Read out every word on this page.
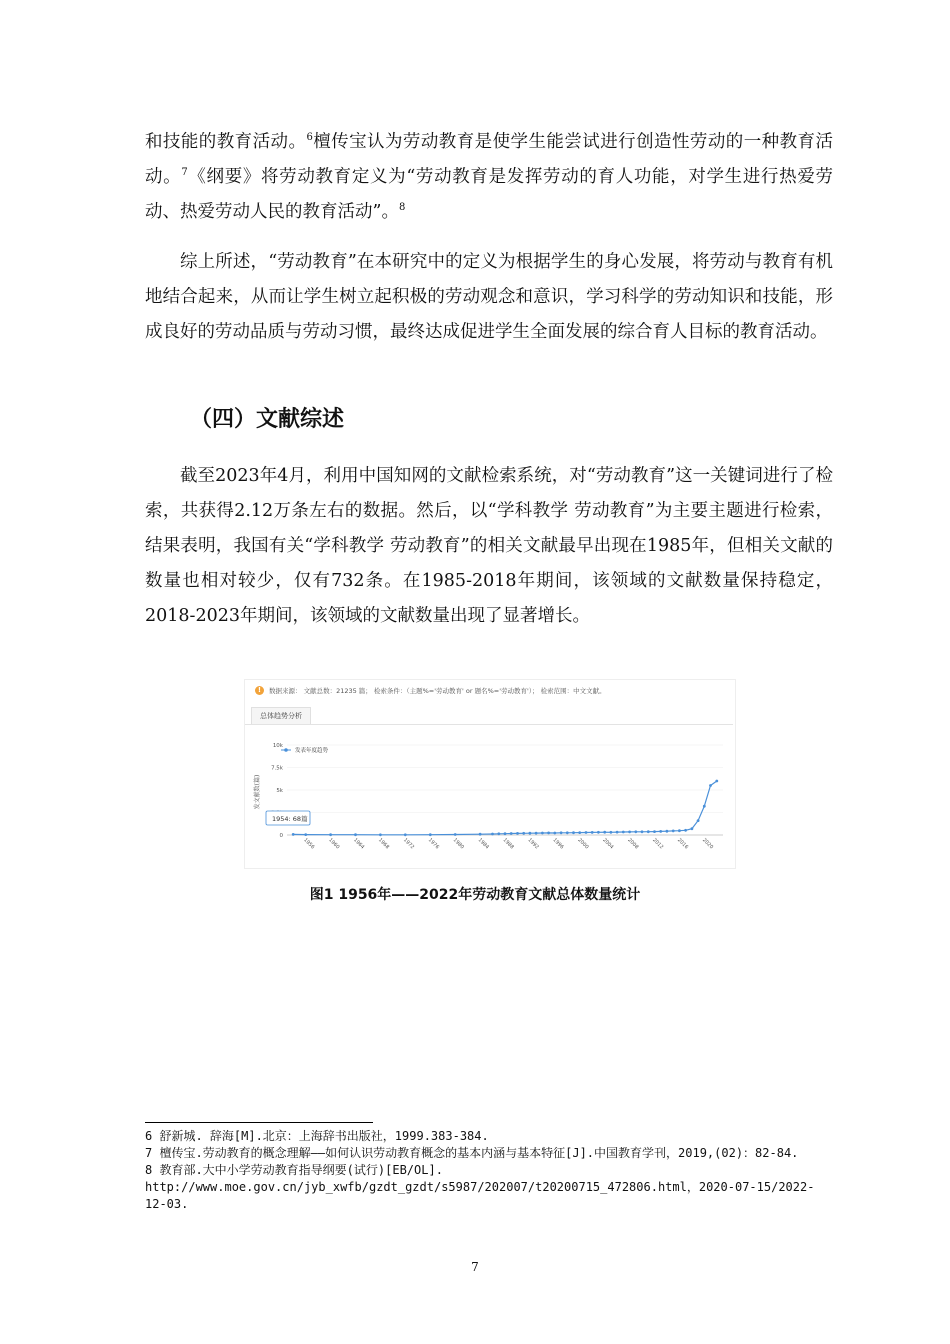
和技能的教育活动。$^6$檀传宝认为劳动教育是使学生能尝试进行创造性劳动的一种教育活动。$^7$《纲要》将劳动教育定义为“劳动教育是发挥劳动的育人功能，对学生进行热爱劳动、热爱劳动人民的教育活动”。$^8$

综上所述，“劳动教育”在本研究中的定义为根据学生的身心发展，将劳动与教育有机地结合起来，从而让学生树立起积极的劳动观念和意识，学习科学的劳动知识和技能，形成良好的劳动品质与劳动习惯，最终达成促进学生全面发展的综合育人目标的教育活动。

（四）文献综述

截至2023年4月，利用中国知网的文献检索系统，对“劳动教育”这一关键词进行了检索，共获得2.12万条左右的数据。然后，以“学科教学 劳动教育”为主要主题进行检索，结果表明，我国有关“学科教学 劳动教育”的相关文献最早出现在1985年，但相关文献的数量也相对较少，仅有732条。在1985-2018年期间，该领域的文献数量保持稳定，2018-2023年期间，该领域的文献数量出现了显著增长。

!	数据来源： 文献总数：21235 篇； 检索条件：（主题%='劳动教育' or 题名%='劳动教育'）； 检索范围：中文文献。
总体趋势分析
0
5k
7.5k
10k
1956 1960 1964 1968 1972 1976 1980 1984 1988 1992 1996 2000 2004 2008 2012 2016 2020
发文献数(篇)
发表年度趋势
1954: 68篇

图1 1956年——2022年劳动教育文献总体数量统计

6 舒新城. 辞海[M].北京：上海辞书出版社，1999.383-384.

7 檀传宝.劳动教育的概念理解——如何认识劳动教育概念的基本内涵与基本特征[J].中国教育学刊，2019,(02)：82-84.

8 教育部.大中小学劳动教育指导纲要(试行)[EB/OL].

http://www.moe.gov.cn/jyb_xwfb/gzdt_gzdt/s5987/202007/t20200715_472806.html，2020-07-15/2022-12-03.

7
